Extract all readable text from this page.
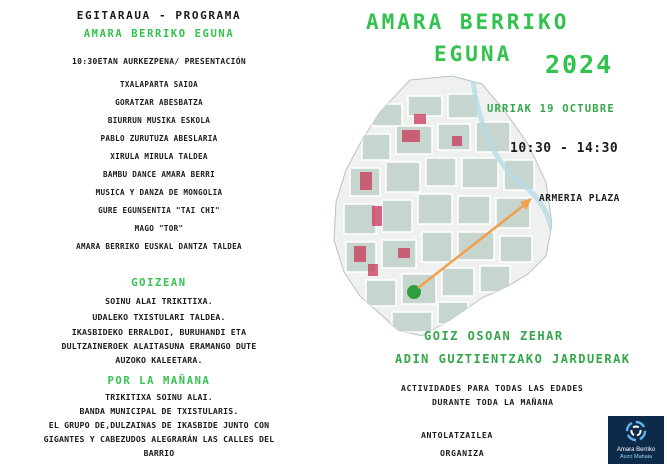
EGITARAUA - PROGRAMA
AMARA BERRIKO EGUNA
10:30ETAN AURKEZPENA/ PRESENTACIÓN
TXALAPARTA SAIOA
GORATZAR ABESBATZA
BIURRUN MUSIKA ESKOLA
PABLO ZURUTUZA ABESLARIA
XIRULA MIRULA TALDEA
BAMBU DANCE AMARA BERRI
MUSICA Y DANZA DE MONGOLIA
GURE EGUNSENTIA "TAI CHI"
MAGO "TOR"
AMARA BERRIKO EUSKAL DANTZA TALDEA
GOIZEAN
SOINU ALAI TRIKITIXA.
UDALEKO TXISTULARI TALDEA.
IKASBIDEKO ERRALDOI, BURUHANDI ETA
DULTZAINEROEK ALAITASUNA ERAMANGO DUTE
AUZOKO KALEETARA.
POR LA MAÑANA
TRIKITIXA SOINU ALAI.
BANDA MUNICIPAL DE TXISTULARIS.
EL GRUPO DE,DULZAINAS DE IKASBIDE JUNTO CON
GIGANTES Y CABEZUDOS ALEGRARÁN LAS CALLES DEL
BARRIO
AMARA BERRIKO
EGUNA 2024
URRIAK 19 OCTUBRE
10:30 - 14:30
ARMERIA PLAZA
GOIZ OSOAN ZEHAR
ADIN GUZTIENTZAKO JARDUERAK
ACTIVIDADES PARA TODAS LAS EDADES
DURANTE TODA LA MAÑANA
ANTOLATZAILEA
ORGANIZA	Amara Berriko
Auzo Mahaia
